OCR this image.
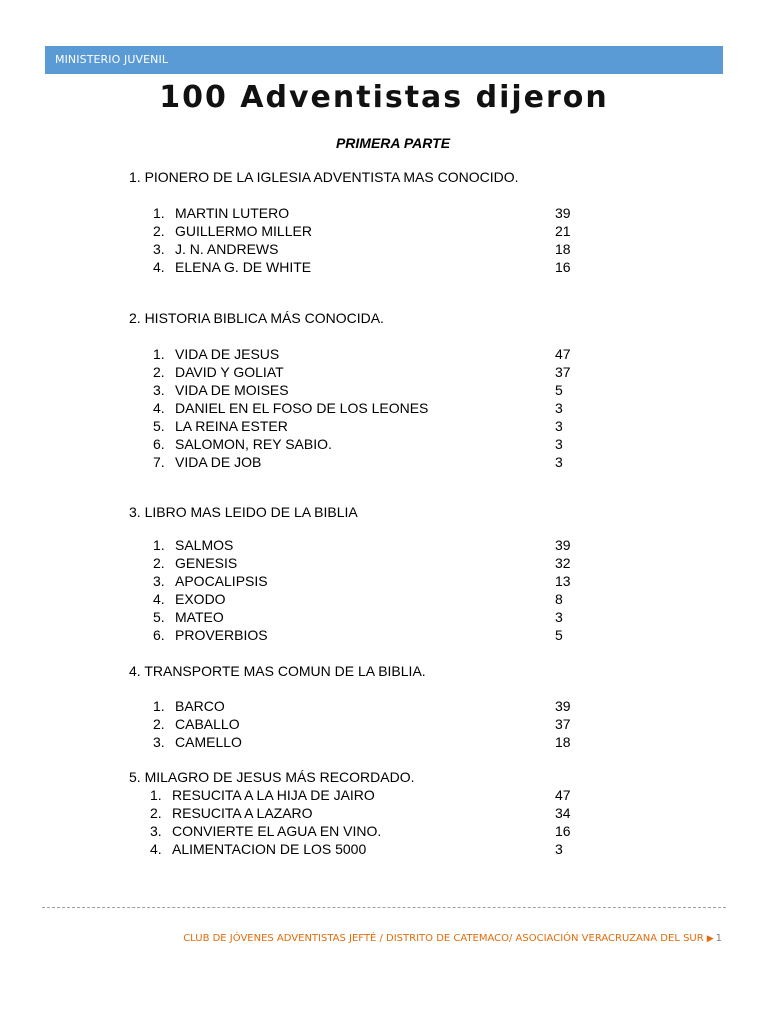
MINISTERIO JUVENIL
100 Adventistas dijeron
PRIMERA PARTE

1. PIONERO DE LA IGLESIA ADVENTISTA MAS CONOCIDO.

1. MARTIN LUTERO	39
2. GUILLERMO MILLER	21
3. J. N. ANDREWS	18
4. ELENA G. DE WHITE	16

2. HISTORIA BIBLICA MÁS CONOCIDA.

1. VIDA DE JESUS	47
2. DAVID Y GOLIAT	37
3. VIDA DE MOISES	5
4. DANIEL EN EL FOSO DE LOS LEONES	3
5. LA REINA ESTER	3
6. SALOMON, REY SABIO.	3
7. VIDA DE JOB	3

3. LIBRO MAS LEIDO DE LA BIBLIA

1. SALMOS	39
2. GENESIS	32
3. APOCALIPSIS	13
4. EXODO	8
5. MATEO	3
6. PROVERBIOS	5

4. TRANSPORTE MAS COMUN DE LA BIBLIA.

1. BARCO	39
2. CABALLO	37
3. CAMELLO	18

5. MILAGRO DE JESUS MÁS RECORDADO.

1. RESUCITA A LA HIJA DE JAIRO	47
2. RESUCITA A LAZARO	34
3. CONVIERTE EL AGUA EN VINO.	16
4. ALIMENTACION DE LOS 5000	3
CLUB DE JÓVENES ADVENTISTAS JEFTÉ / DISTRITO DE CATEMACO/ ASOCIACIÓN VERACRUZANA DEL SUR ▶ 1
